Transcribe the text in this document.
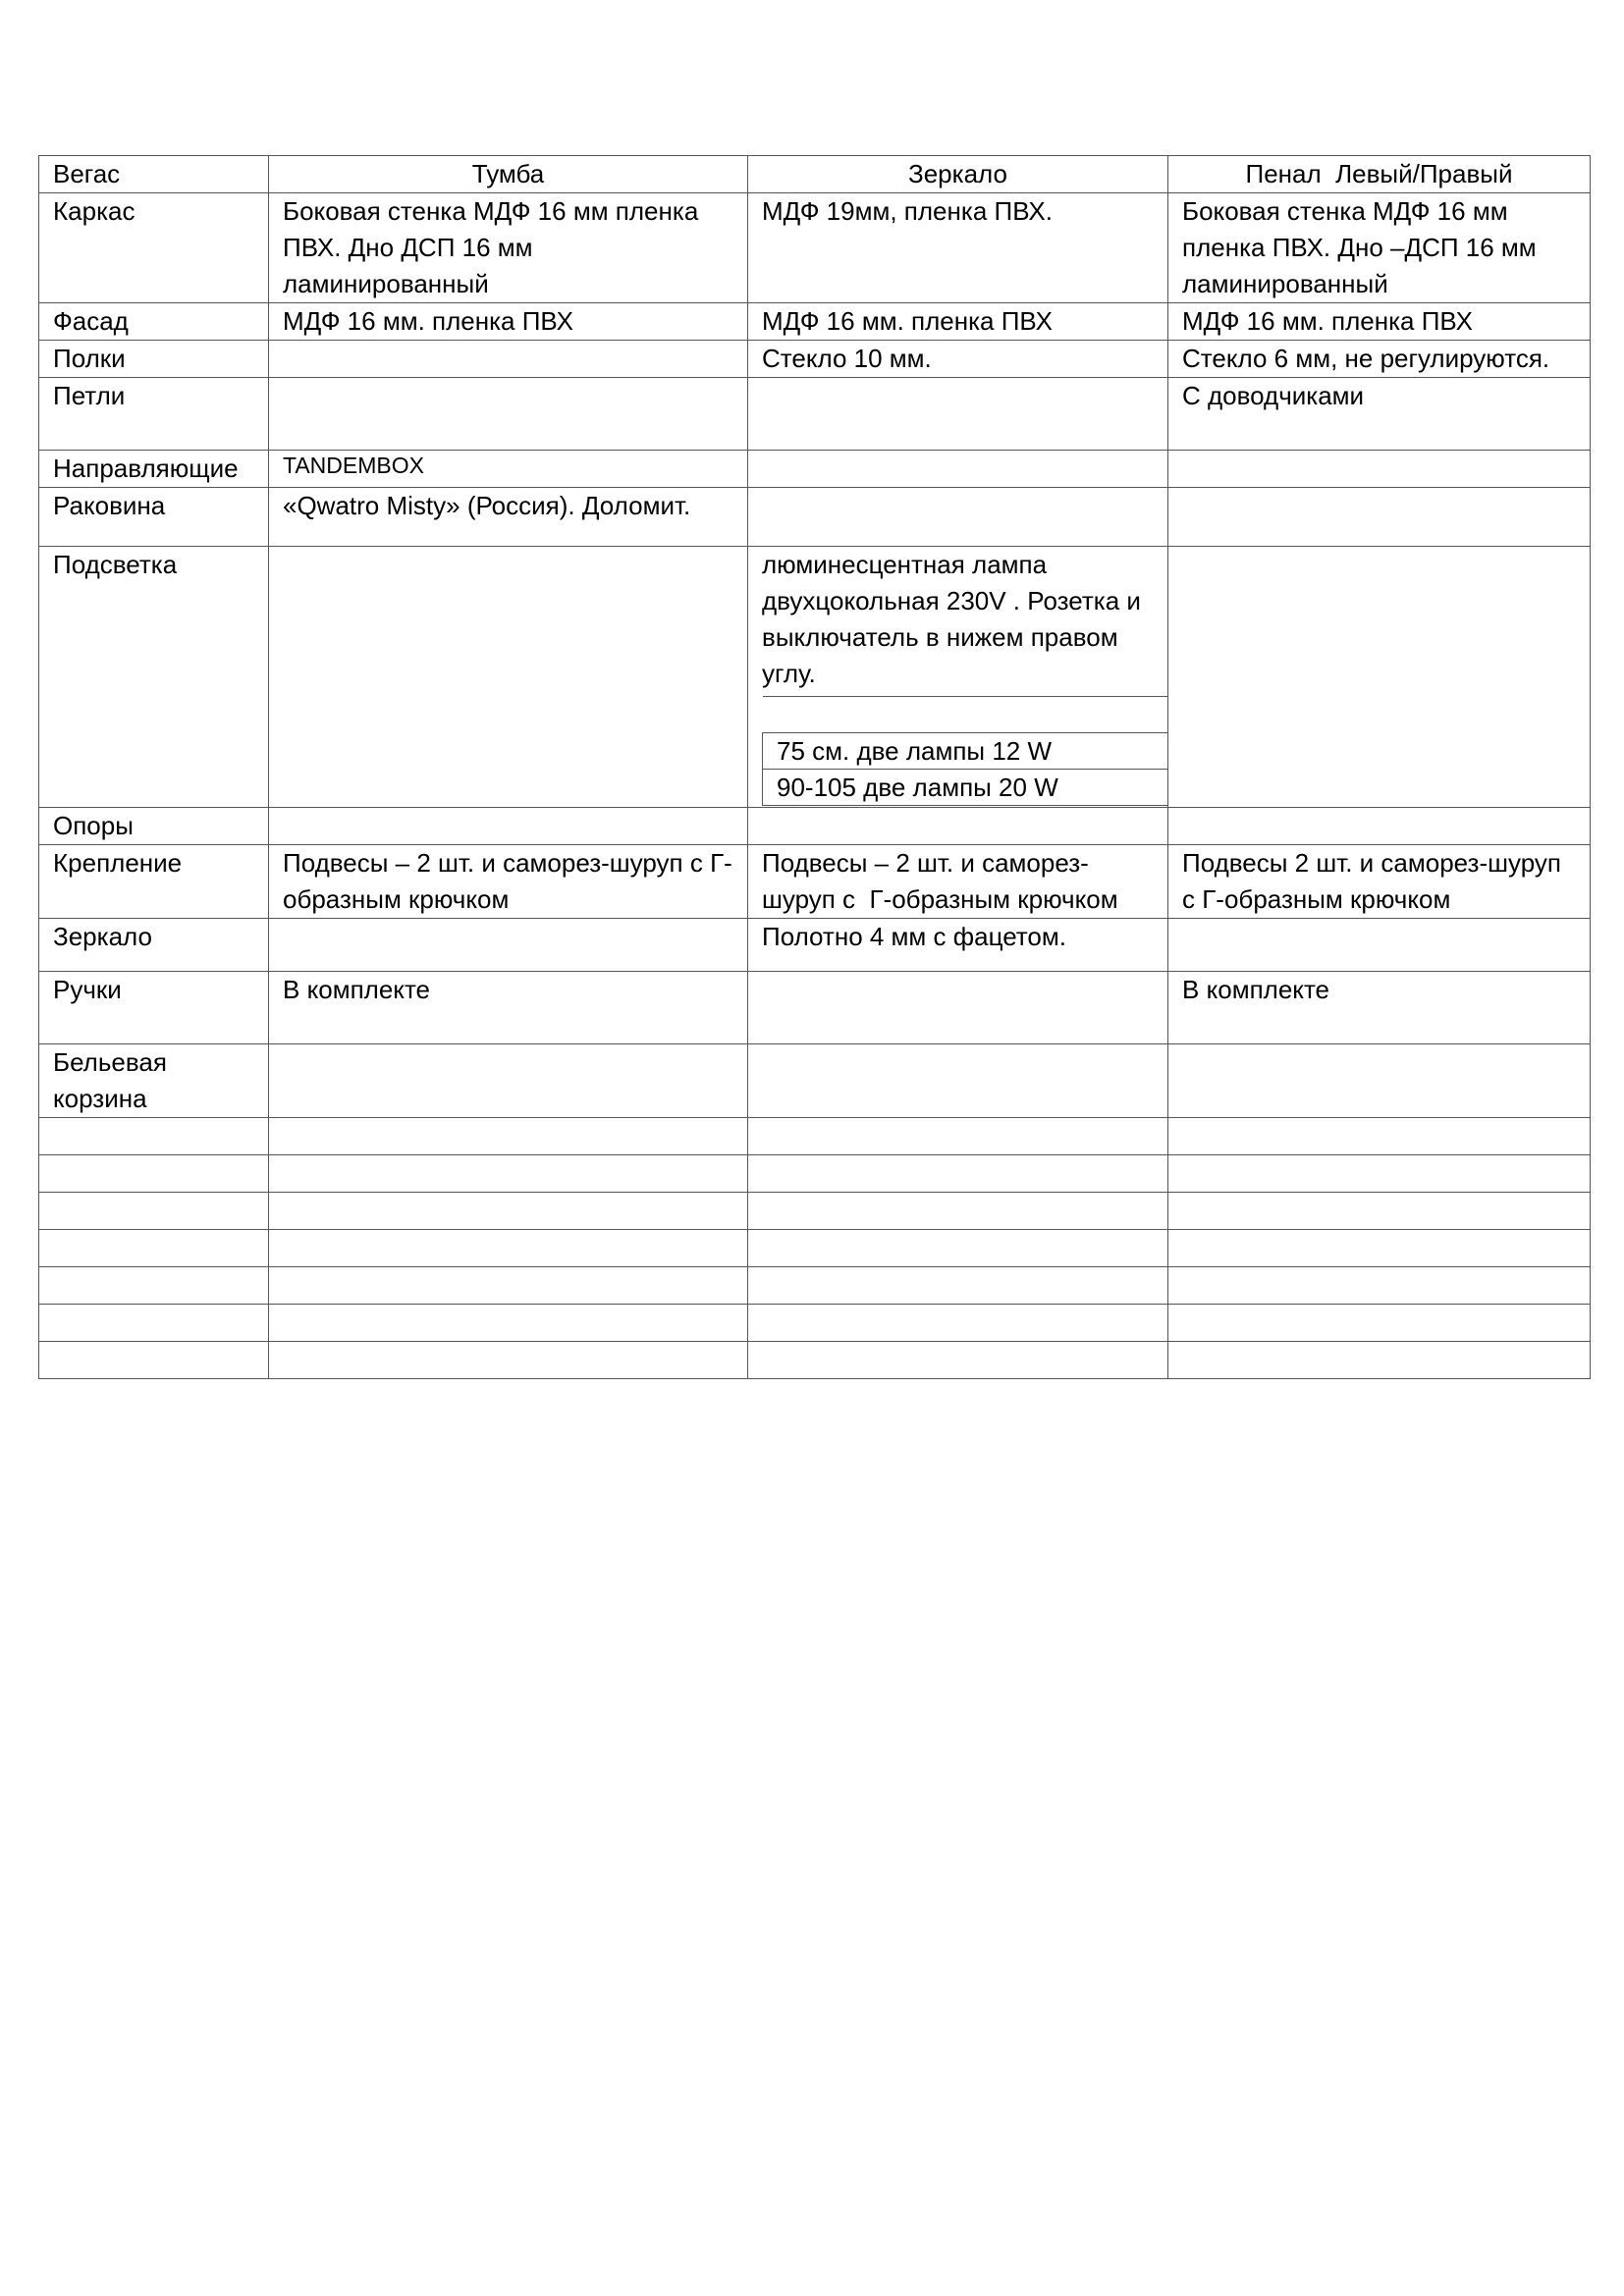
Вегас	Тумба	Зеркало	Пенал  Левый/Правый
Каркас	Боковая стенка МДФ 16 мм пленка ПВХ. Дно ДСП 16 мм ламинированный	МДФ 19мм, пленка ПВХ.	Боковая стенка МДФ 16 мм пленка ПВХ. Дно –ДСП 16 мм ламинированный
Фасад	МДФ 16 мм. пленка ПВХ	МДФ 16 мм. пленка ПВХ	МДФ 16 мм. пленка ПВХ
Полки		Стекло 10 мм.	Стекло 6 мм, не регулируются.
Петли			С доводчиками
Направляющие	TANDEMBOX		
Раковина	«Qwatro Misty» (Россия). Доломит.		
Подсветка		люминесцентная лампа двухцокольная 230V . Розетка и выключатель в нижем правом углу.

75 см. две лампы 12 W
90-105 две лампы 20 W

Опоры			
Крепление	Подвесы – 2 шт. и саморез-шуруп с Г-образным крючком	Подвесы – 2 шт. и саморез-шуруп с  Г-образным крючком	Подвесы 2 шт. и саморез-шуруп с Г-образным крючком
Зеркало		Полотно 4 мм с фацетом.	
Ручки	В комплекте		В комплекте
Бельевая корзина			
